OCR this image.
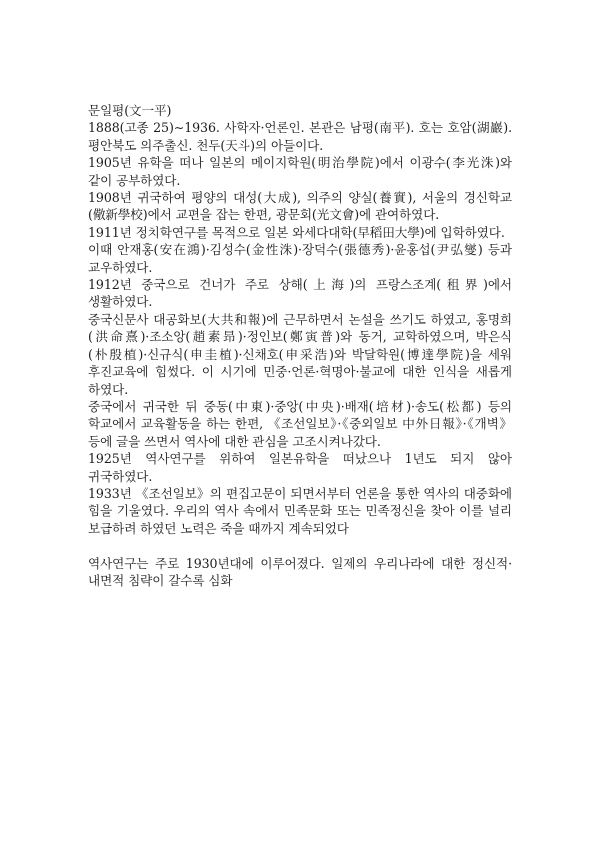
문일평(文一平)

1888(고종 25)∼1936. 사학자·언론인. 본관은 남평(南平). 호는 호암(湖巖). 평안북도 의주출신. 천두(天斗)의 아들이다.

1905년 유학을 떠나 일본의 메이지학원(明治學院)에서 이광수(李光洙)와 같이 공부하였다.

1908년 귀국하여 평양의 대성(大成), 의주의 양실(養實), 서울의 경신학교(儆新學校)에서 교편을 잡는 한편, 광문회(光文會)에 관여하였다.

1911년 정치학연구를 목적으로 일본 와세다대학(早稻田大學)에 입학하였다.

이때 안재홍(安在鴻)·김성수(金性洙)·장덕수(張德秀)·윤홍섭(尹弘燮) 등과 교우하였다.

1912년 중국으로 건너가 주로 상해(上海)의 프랑스조계(租界)에서 생활하였다.

중국신문사 대공화보(大共和報)에 근무하면서 논설을 쓰기도 하였고, 홍명희(洪命熹)·조소앙(趙素昻)·정인보(鄭寅普)와 동거, 교학하였으며, 박은식(朴殷植)·신규식(申圭植)·신채호(申采浩)와 박달학원(博達學院)을 세워 후진교육에 힘썼다. 이 시기에 민중·언론·혁명아·불교에 대한 인식을 새롭게 하였다.

중국에서 귀국한 뒤 중동(中東)·중앙(中央)·배재(培材)·송도(松都) 등의 학교에서 교육활동을 하는 한편, 《조선일보》·《중외일보 中外日報》·《개벽》 등에 글을 쓰면서 역사에 대한 관심을 고조시켜나갔다.

1925년 역사연구를 위하여 일본유학을 떠났으나 1년도 되지 않아 귀국하였다.

1933년 《조선일보》의 편집고문이 되면서부터 언론을 통한 역사의 대중화에 힘을 기울였다. 우리의 역사 속에서 민족문화 또는 민족정신을 찾아 이를 널리 보급하려 하였던 노력은 죽을 때까지 계속되었다

역사연구는 주로 1930년대에 이루어졌다. 일제의 우리나라에 대한 정신적·내면적 침략이 갈수록 심화
